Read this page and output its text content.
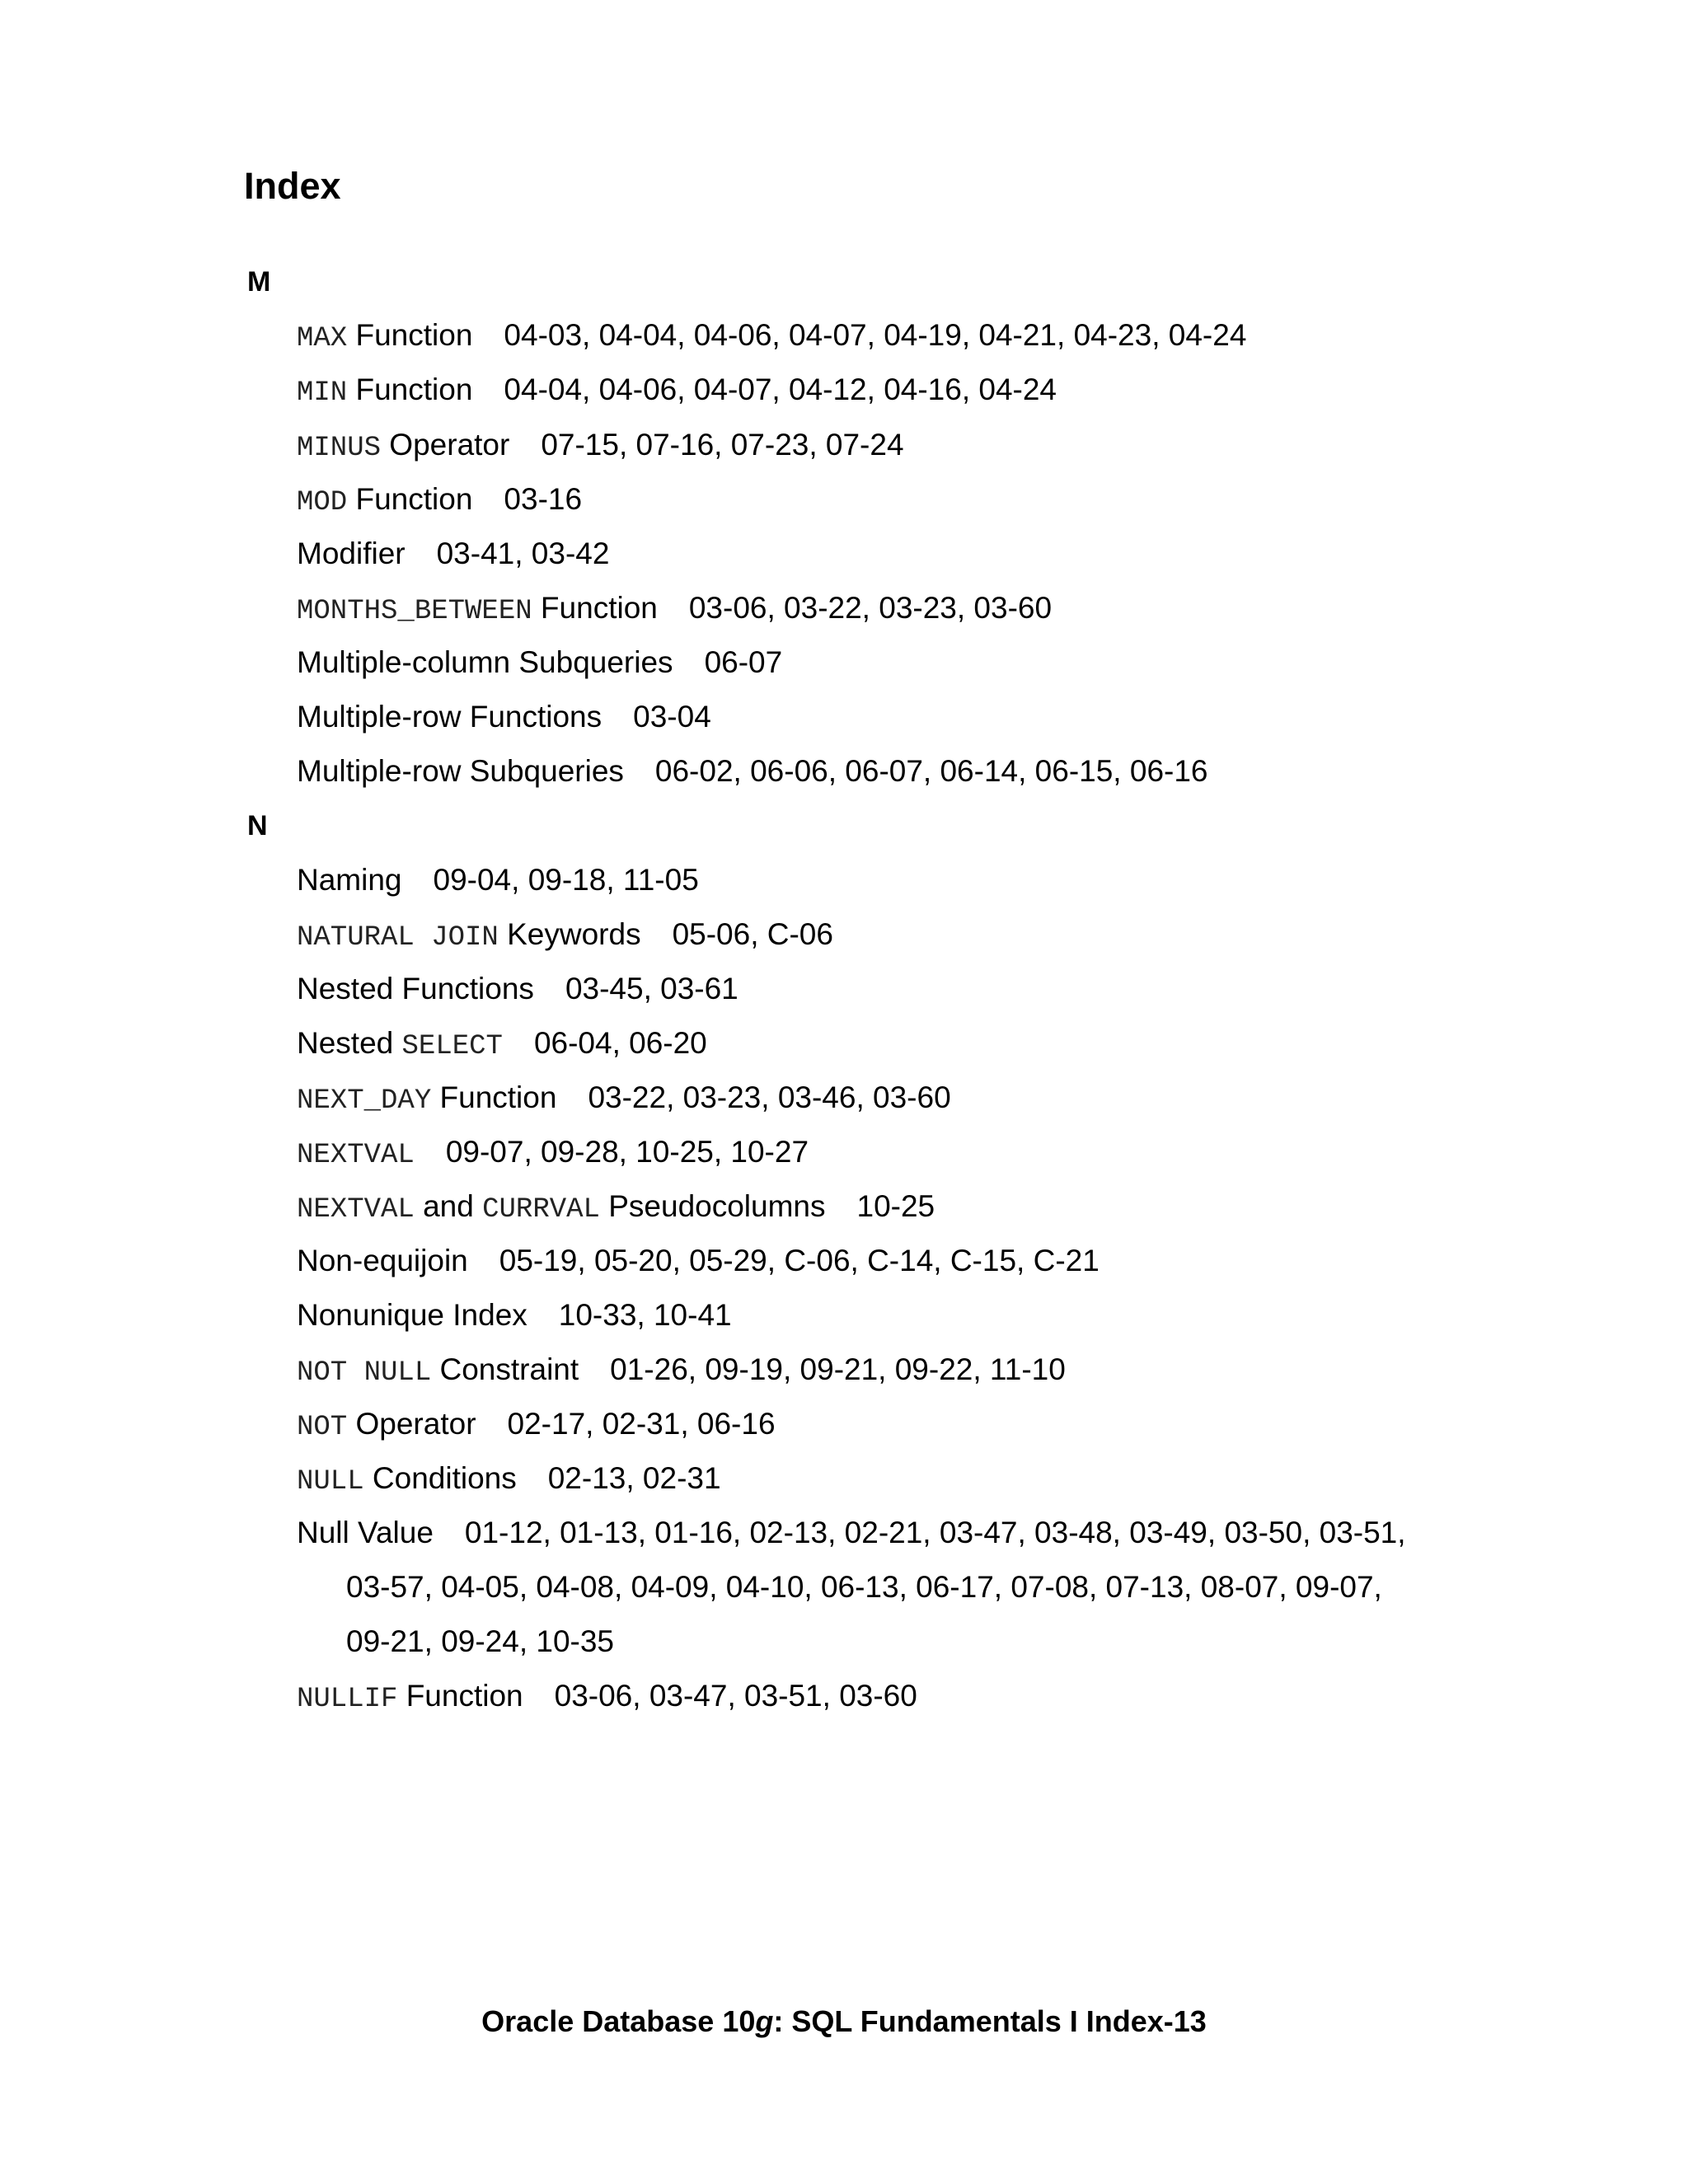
Index
M
MAX Function 04-03, 04-04, 04-06, 04-07, 04-19, 04-21, 04-23, 04-24
MIN Function 04-04, 04-06, 04-07, 04-12, 04-16, 04-24
MINUS Operator 07-15, 07-16, 07-23, 07-24
MOD Function 03-16
Modifier 03-41, 03-42
MONTHS_BETWEEN Function 03-06, 03-22, 03-23, 03-60
Multiple-column Subqueries 06-07
Multiple-row Functions 03-04
Multiple-row Subqueries 06-02, 06-06, 06-07, 06-14, 06-15, 06-16
N
Naming 09-04, 09-18, 11-05
NATURAL JOIN Keywords 05-06, C-06
Nested Functions 03-45, 03-61
Nested SELECT 06-04, 06-20
NEXT_DAY Function 03-22, 03-23, 03-46, 03-60
NEXTVAL 09-07, 09-28, 10-25, 10-27
NEXTVAL and CURRVAL Pseudocolumns 10-25
Non-equijoin 05-19, 05-20, 05-29, C-06, C-14, C-15, C-21
Nonunique Index 10-33, 10-41
NOT NULL Constraint 01-26, 09-19, 09-21, 09-22, 11-10
NOT Operator 02-17, 02-31, 06-16
NULL Conditions 02-13, 02-31
Null Value 01-12, 01-13, 01-16, 02-13, 02-21, 03-47, 03-48, 03-49, 03-50, 03-51,
03-57, 04-05, 04-08, 04-09, 04-10, 06-13, 06-17, 07-08, 07-13, 08-07, 09-07,
09-21, 09-24, 10-35
NULLIF Function 03-06, 03-47, 03-51, 03-60
Oracle Database 10g: SQL Fundamentals I Index-13
